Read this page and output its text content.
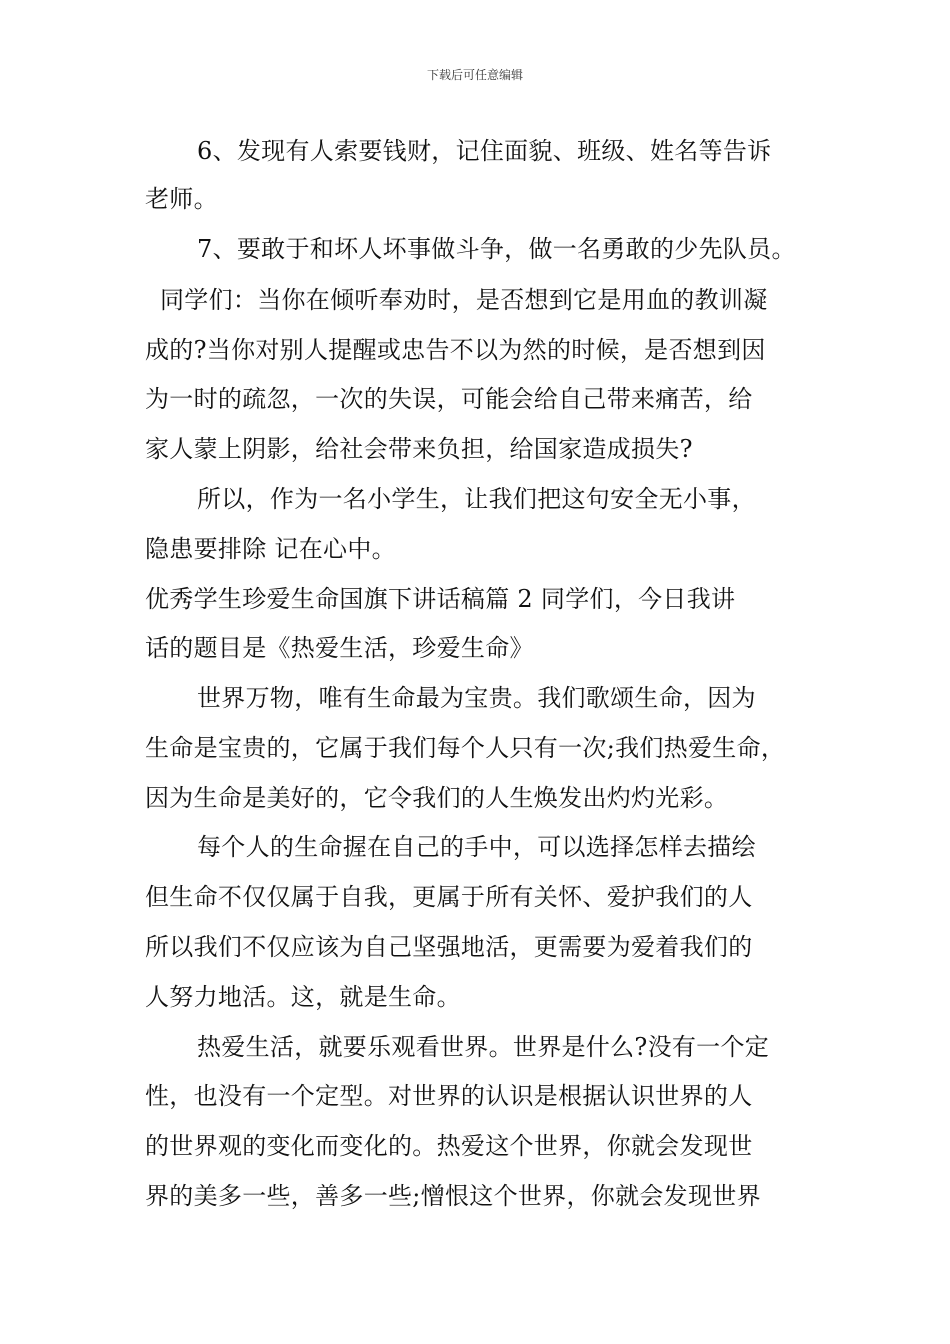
下载后可任意编辑
6、发现有人索要钱财，记住面貌、班级、姓名等告诉
老师。
7、要敢于和坏人坏事做斗争，做一名勇敢的少先队员。
同学们：当你在倾听奉劝时，是否想到它是用血的教训凝
成的?当你对别人提醒或忠告不以为然的时候，是否想到因
为一时的疏忽，一次的失误，可能会给自己带来痛苦，给
家人蒙上阴影，给社会带来负担，给国家造成损失?
所以，作为一名小学生，让我们把这句安全无小事，
隐患要排除 记在心中。
优秀学生珍爱生命国旗下讲话稿篇 2 同学们，今日我讲
话的题目是《热爱生活，珍爱生命》
世界万物，唯有生命最为宝贵。我们歌颂生命，因为
生命是宝贵的，它属于我们每个人只有一次;我们热爱生命，
因为生命是美好的，它令我们的人生焕发出灼灼光彩。
每个人的生命握在自己的手中，可以选择怎样去描绘
但生命不仅仅属于自我，更属于所有关怀、爱护我们的人
所以我们不仅应该为自己坚强地活，更需要为爱着我们的
人努力地活。这，就是生命。
热爱生活，就要乐观看世界。世界是什么?没有一个定
性，也没有一个定型。对世界的认识是根据认识世界的人
的世界观的变化而变化的。热爱这个世界，你就会发现世
界的美多一些，善多一些;憎恨这个世界，你就会发现世界
